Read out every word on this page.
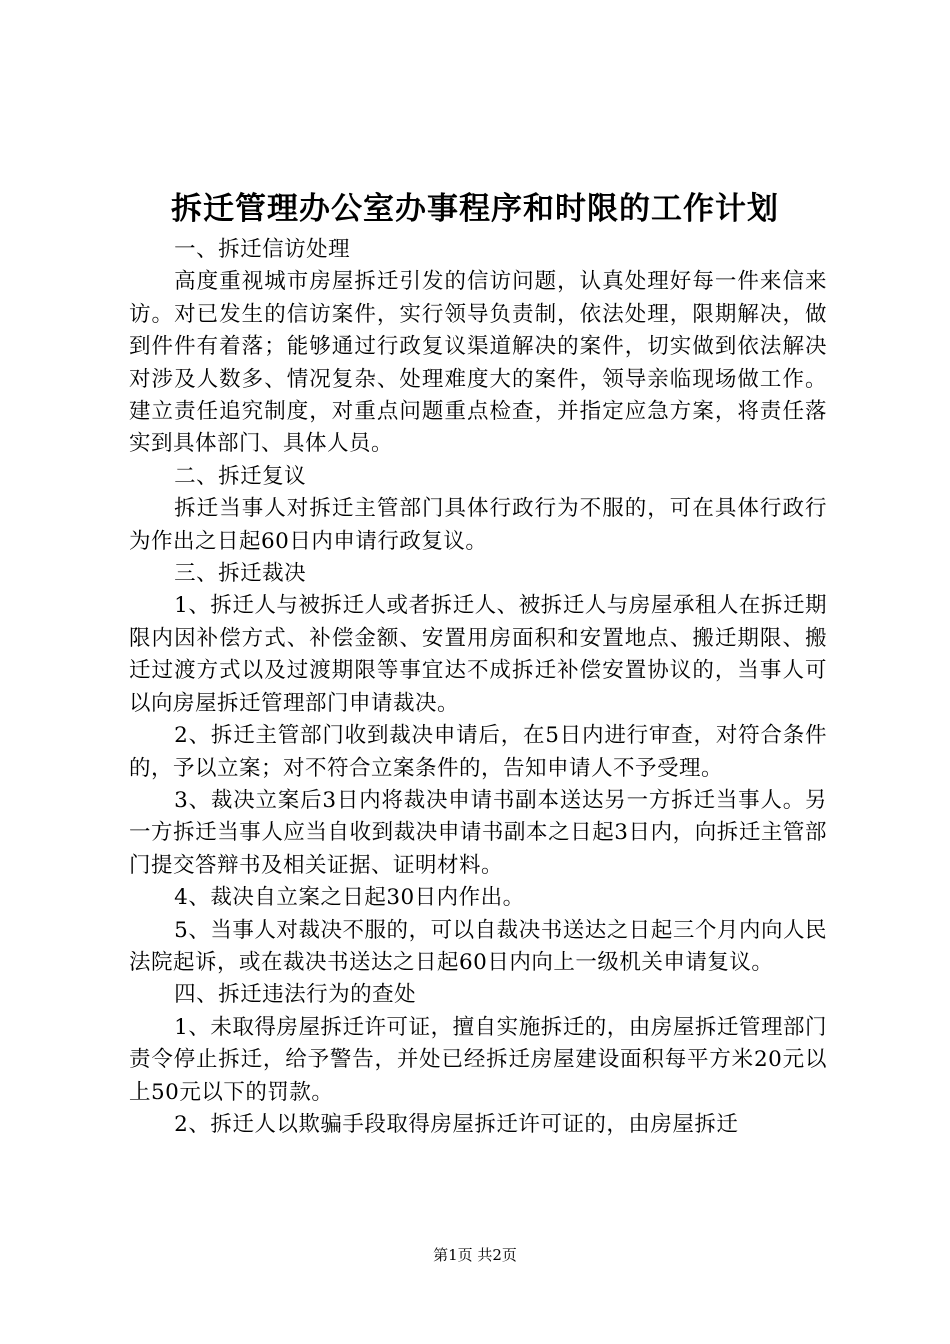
拆迁管理办公室办事程序和时限的工作计划

一、拆迁信访处理

高度重视城市房屋拆迁引发的信访问题，认真处理好每一件来信来访。对已发生的信访案件，实行领导负责制，依法处理，限期解决，做到件件有着落；能够通过行政复议渠道解决的案件，切实做到依法解决对涉及人数多、情况复杂、处理难度大的案件，领导亲临现场做工作。建立责任追究制度，对重点问题重点检查，并指定应急方案，将责任落实到具体部门、具体人员。

二、拆迁复议

拆迁当事人对拆迁主管部门具体行政行为不服的，可在具体行政行为作出之日起60日内申请行政复议。

三、拆迁裁决

1、拆迁人与被拆迁人或者拆迁人、被拆迁人与房屋承租人在拆迁期限内因补偿方式、补偿金额、安置用房面积和安置地点、搬迁期限、搬迁过渡方式以及过渡期限等事宜达不成拆迁补偿安置协议的，当事人可以向房屋拆迁管理部门申请裁决。

2、拆迁主管部门收到裁决申请后，在5日内进行审查，对符合条件的，予以立案；对不符合立案条件的，告知申请人不予受理。

3、裁决立案后3日内将裁决申请书副本送达另一方拆迁当事人。另一方拆迁当事人应当自收到裁决申请书副本之日起3日内，向拆迁主管部门提交答辩书及相关证据、证明材料。

4、裁决自立案之日起30日内作出。

5、当事人对裁决不服的，可以自裁决书送达之日起三个月内向人民法院起诉，或在裁决书送达之日起60日内向上一级机关申请复议。

四、拆迁违法行为的查处

1、未取得房屋拆迁许可证，擅自实施拆迁的，由房屋拆迁管理部门责令停止拆迁，给予警告，并处已经拆迁房屋建设面积每平方米20元以上50元以下的罚款。

2、拆迁人以欺骗手段取得房屋拆迁许可证的，由房屋拆迁

第1页 共2页
